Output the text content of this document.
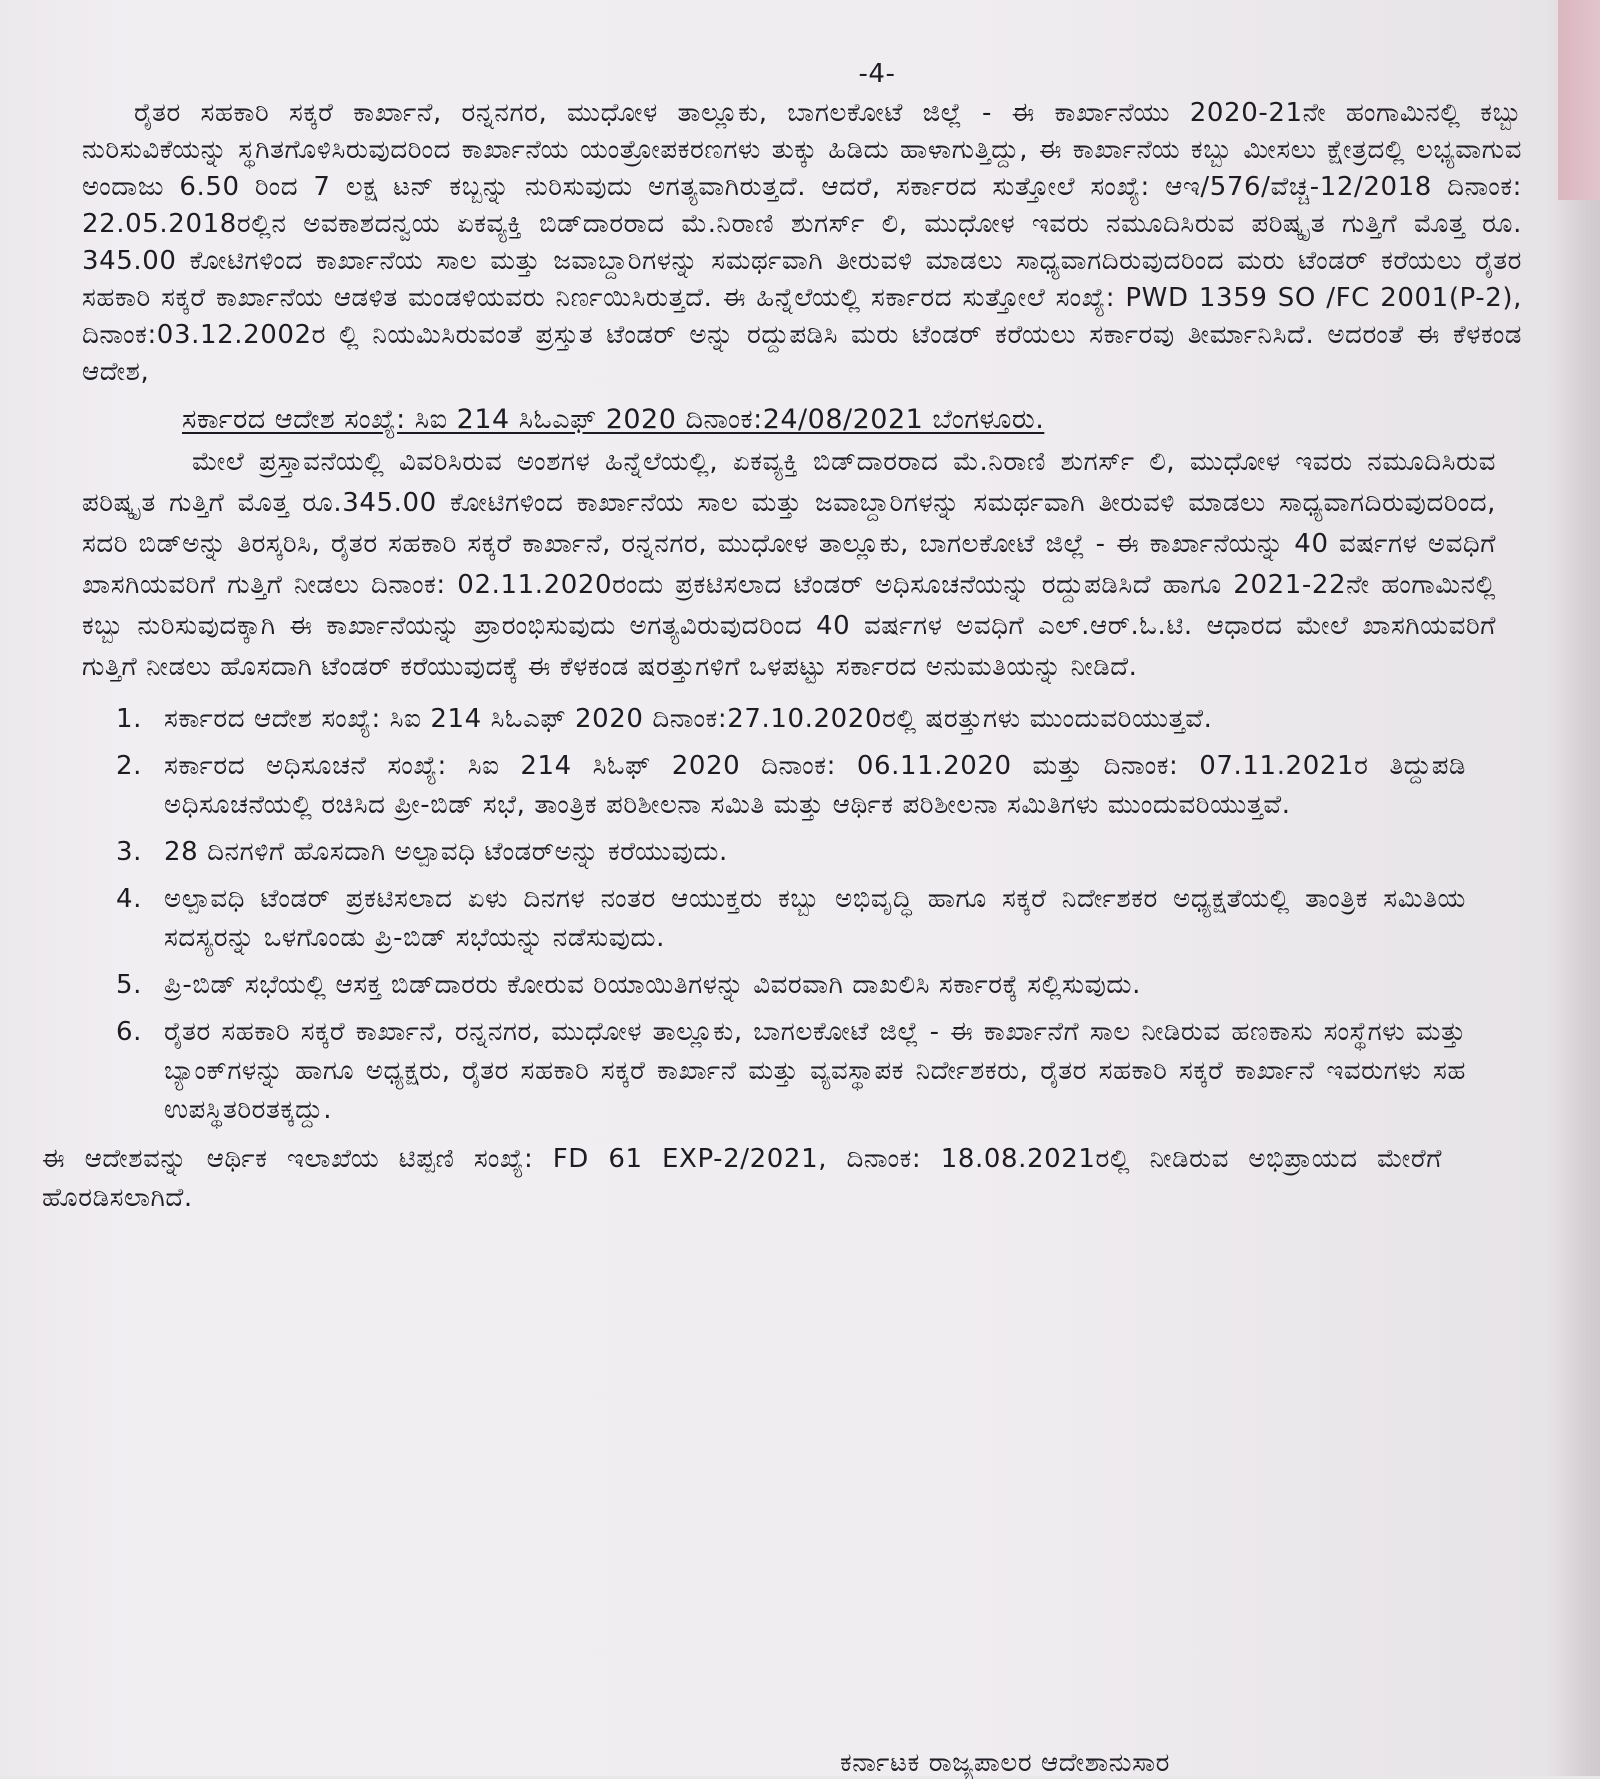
-4-

ರೈತರ ಸಹಕಾರಿ ಸಕ್ಕರೆ ಕಾರ್ಖಾನೆ, ರನ್ನನಗರ, ಮುಧೋಳ ತಾಲ್ಲೂಕು, ಬಾಗಲಕೋಟೆ ಜಿಲ್ಲೆ - ಈ ಕಾರ್ಖಾನೆಯು 2020-21ನೇ ಹಂಗಾಮಿನಲ್ಲಿ ಕಬ್ಬು ನುರಿಸುವಿಕೆಯನ್ನು ಸ್ಥಗಿತಗೊಳಿಸಿರುವುದರಿಂದ ಕಾರ್ಖಾನೆಯ ಯಂತ್ರೋಪಕರಣಗಳು ತುಕ್ಕು ಹಿಡಿದು ಹಾಳಾಗುತ್ತಿದ್ದು, ಈ ಕಾರ್ಖಾನೆಯ ಕಬ್ಬು ಮೀಸಲು ಕ್ಷೇತ್ರದಲ್ಲಿ ಲಭ್ಯವಾಗುವ ಅಂದಾಜು 6.50 ರಿಂದ 7 ಲಕ್ಷ ಟನ್ ಕಬ್ಬನ್ನು ನುರಿಸುವುದು ಅಗತ್ಯವಾಗಿರುತ್ತದೆ. ಆದರೆ, ಸರ್ಕಾರದ ಸುತ್ತೋಲೆ ಸಂಖ್ಯೆ: ಆಇ/576/ವೆಚ್ಚ-12/2018 ದಿನಾಂಕ: 22.05.2018ರಲ್ಲಿನ ಅವಕಾಶದನ್ವಯ ಏಕವ್ಯಕ್ತಿ ಬಿಡ್‌ದಾರರಾದ ಮೆ.ನಿರಾಣಿ ಶುಗರ್ಸ್ ಲಿ, ಮುಧೋಳ ಇವರು ನಮೂದಿಸಿರುವ ಪರಿಷ್ಕೃತ ಗುತ್ತಿಗೆ ಮೊತ್ತ ರೂ. 345.00 ಕೋಟಿಗಳಿಂದ ಕಾರ್ಖಾನೆಯ ಸಾಲ ಮತ್ತು ಜವಾಬ್ದಾರಿಗಳನ್ನು ಸಮರ್ಥವಾಗಿ ತೀರುವಳಿ ಮಾಡಲು ಸಾಧ್ಯವಾಗದಿರುವುದರಿಂದ ಮರು ಟೆಂಡರ್ ಕರೆಯಲು ರೈತರ ಸಹಕಾರಿ ಸಕ್ಕರೆ ಕಾರ್ಖಾನೆಯ ಆಡಳಿತ ಮಂಡಳಿಯವರು ನಿರ್ಣಯಿಸಿರುತ್ತದೆ. ಈ ಹಿನ್ನೆಲೆಯಲ್ಲಿ ಸರ್ಕಾರದ ಸುತ್ತೋಲೆ ಸಂಖ್ಯೆ: PWD 1359 SO /FC 2001(P-2), ದಿನಾಂಕ:03.12.2002ರ ಲ್ಲಿ ನಿಯಮಿಸಿರುವಂತೆ ಪ್ರಸ್ತುತ ಟೆಂಡರ್ ಅನ್ನು ರದ್ದುಪಡಿಸಿ ಮರು ಟೆಂಡರ್ ಕರೆಯಲು ಸರ್ಕಾರವು ತೀರ್ಮಾನಿಸಿದೆ. ಅದರಂತೆ ಈ ಕೆಳಕಂಡ ಆದೇಶ,

ಸರ್ಕಾರದ ಆದೇಶ ಸಂಖ್ಯೆ: ಸಿಐ 214 ಸಿಓಎಫ್ 2020 ದಿನಾಂಕ:24/08/2021 ಬೆಂಗಳೂರು.

ಮೇಲೆ ಪ್ರಸ್ತಾವನೆಯಲ್ಲಿ ವಿವರಿಸಿರುವ ಅಂಶಗಳ ಹಿನ್ನೆಲೆಯಲ್ಲಿ, ಏಕವ್ಯಕ್ತಿ ಬಿಡ್‌ದಾರರಾದ ಮೆ.ನಿರಾಣಿ ಶುಗರ್ಸ್ ಲಿ, ಮುಧೋಳ ಇವರು ನಮೂದಿಸಿರುವ ಪರಿಷ್ಕೃತ ಗುತ್ತಿಗೆ ಮೊತ್ತ ರೂ.345.00 ಕೋಟಿಗಳಿಂದ ಕಾರ್ಖಾನೆಯ ಸಾಲ ಮತ್ತು ಜವಾಬ್ದಾರಿಗಳನ್ನು ಸಮರ್ಥವಾಗಿ ತೀರುವಳಿ ಮಾಡಲು ಸಾಧ್ಯವಾಗದಿರುವುದರಿಂದ, ಸದರಿ ಬಿಡ್‌ಅನ್ನು ತಿರಸ್ಕರಿಸಿ, ರೈತರ ಸಹಕಾರಿ ಸಕ್ಕರೆ ಕಾರ್ಖಾನೆ, ರನ್ನನಗರ, ಮುಧೋಳ ತಾಲ್ಲೂಕು, ಬಾಗಲಕೋಟೆ ಜಿಲ್ಲೆ - ಈ ಕಾರ್ಖಾನೆಯನ್ನು 40 ವರ್ಷಗಳ ಅವಧಿಗೆ ಖಾಸಗಿಯವರಿಗೆ ಗುತ್ತಿಗೆ ನೀಡಲು ದಿನಾಂಕ: 02.11.2020ರಂದು ಪ್ರಕಟಿಸಲಾದ ಟೆಂಡರ್ ಅಧಿಸೂಚನೆಯನ್ನು ರದ್ದುಪಡಿಸಿದೆ ಹಾಗೂ 2021-22ನೇ ಹಂಗಾಮಿನಲ್ಲಿ ಕಬ್ಬು ನುರಿಸುವುದಕ್ಕಾಗಿ ಈ ಕಾರ್ಖಾನೆಯನ್ನು ಪ್ರಾರಂಭಿಸುವುದು ಅಗತ್ಯವಿರುವುದರಿಂದ 40 ವರ್ಷಗಳ ಅವಧಿಗೆ ಎಲ್.ಆರ್.ಓ.ಟಿ. ಆಧಾರದ ಮೇಲೆ ಖಾಸಗಿಯವರಿಗೆ ಗುತ್ತಿಗೆ ನೀಡಲು ಹೊಸದಾಗಿ ಟೆಂಡರ್ ಕರೆಯುವುದಕ್ಕೆ ಈ ಕೆಳಕಂಡ ಷರತ್ತುಗಳಿಗೆ ಒಳಪಟ್ಟು ಸರ್ಕಾರದ ಅನುಮತಿಯನ್ನು ನೀಡಿದೆ.

1. ಸರ್ಕಾರದ ಆದೇಶ ಸಂಖ್ಯೆ: ಸಿಐ 214 ಸಿಓಎಫ್ 2020 ದಿನಾಂಕ:27.10.2020ರಲ್ಲಿ ಷರತ್ತುಗಳು ಮುಂದುವರಿಯುತ್ತವೆ.
2. ಸರ್ಕಾರದ ಅಧಿಸೂಚನೆ ಸಂಖ್ಯೆ: ಸಿಐ 214 ಸಿಓಫ್ 2020 ದಿನಾಂಕ: 06.11.2020 ಮತ್ತು ದಿನಾಂಕ: 07.11.2021ರ ತಿದ್ದುಪಡಿ ಅಧಿಸೂಚನೆಯಲ್ಲಿ ರಚಿಸಿದ ಪ್ರೀ-ಬಿಡ್ ಸಭೆ, ತಾಂತ್ರಿಕ ಪರಿಶೀಲನಾ ಸಮಿತಿ ಮತ್ತು ಆರ್ಥಿಕ ಪರಿಶೀಲನಾ ಸಮಿತಿಗಳು ಮುಂದುವರಿಯುತ್ತವೆ.
3. 28 ದಿನಗಳಿಗೆ ಹೊಸದಾಗಿ ಅಲ್ಪಾವಧಿ ಟೆಂಡರ್‌ಅನ್ನು ಕರೆಯುವುದು.
4. ಅಲ್ಪಾವಧಿ ಟೆಂಡರ್ ಪ್ರಕಟಿಸಲಾದ ಏಳು ದಿನಗಳ ನಂತರ ಆಯುಕ್ತರು ಕಬ್ಬು ಅಭಿವೃದ್ಧಿ ಹಾಗೂ ಸಕ್ಕರೆ ನಿರ್ದೇಶಕರ ಅಧ್ಯಕ್ಷತೆಯಲ್ಲಿ ತಾಂತ್ರಿಕ ಸಮಿತಿಯ ಸದಸ್ಯರನ್ನು ಒಳಗೊಂಡು ಪ್ರಿ-ಬಿಡ್ ಸಭೆಯನ್ನು ನಡೆಸುವುದು.
5. ಪ್ರಿ-ಬಿಡ್ ಸಭೆಯಲ್ಲಿ ಆಸಕ್ತ ಬಿಡ್‌ದಾರರು ಕೋರುವ ರಿಯಾಯಿತಿಗಳನ್ನು ವಿವರವಾಗಿ ದಾಖಲಿಸಿ ಸರ್ಕಾರಕ್ಕೆ ಸಲ್ಲಿಸುವುದು.
6. ರೈತರ ಸಹಕಾರಿ ಸಕ್ಕರೆ ಕಾರ್ಖಾನೆ, ರನ್ನನಗರ, ಮುಧೋಳ ತಾಲ್ಲೂಕು, ಬಾಗಲಕೋಟೆ ಜಿಲ್ಲೆ - ಈ ಕಾರ್ಖಾನೆಗೆ ಸಾಲ ನೀಡಿರುವ ಹಣಕಾಸು ಸಂಸ್ಥೆಗಳು ಮತ್ತು ಬ್ಯಾಂಕ್‌ಗಳನ್ನು ಹಾಗೂ ಅಧ್ಯಕ್ಷರು, ರೈತರ ಸಹಕಾರಿ ಸಕ್ಕರೆ ಕಾರ್ಖಾನೆ ಮತ್ತು ವ್ಯವಸ್ಥಾಪಕ ನಿರ್ದೇಶಕರು, ರೈತರ ಸಹಕಾರಿ ಸಕ್ಕರೆ ಕಾರ್ಖಾನೆ ಇವರುಗಳು ಸಹ ಉಪಸ್ಥಿತರಿರತಕ್ಕದ್ದು.

ಈ ಆದೇಶವನ್ನು ಆರ್ಥಿಕ ಇಲಾಖೆಯ ಟಿಪ್ಪಣಿ ಸಂಖ್ಯೆ: FD 61 EXP-2/2021, ದಿನಾಂಕ: 18.08.2021ರಲ್ಲಿ ನೀಡಿರುವ ಅಭಿಪ್ರಾಯದ ಮೇರೆಗೆ ಹೊರಡಿಸಲಾಗಿದೆ.

ಕರ್ನಾಟಕ ರಾಜ್ಯಪಾಲರ ಆದೇಶಾನುಸಾರ
